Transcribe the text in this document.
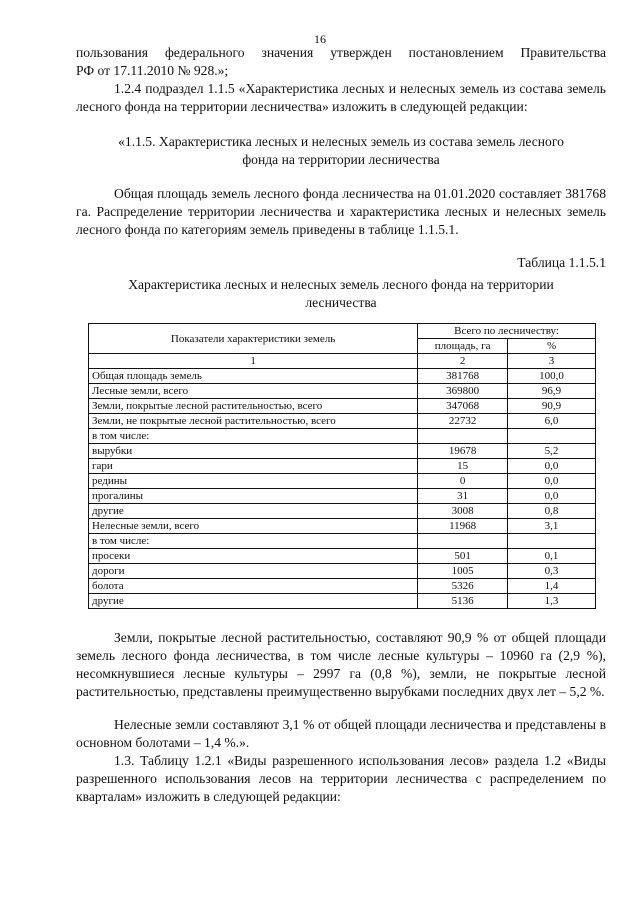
16

пользования федерального значения утвержден постановлением Правительства

РФ от 17.11.2010 № 928.»;

1.2.4 подраздел 1.1.5 «Характеристика лесных и нелесных земель из состава земель лесного фонда на территории лесничества» изложить в следующей редакции:

«1.1.5. Характеристика лесных и нелесных земель из состава земель лесного

фонда на территории лесничества

Общая площадь земель лесного фонда лесничества на 01.01.2020 составляет 381768 га. Распределение территории лесничества и характеристика лесных и нелесных земель лесного фонда по категориям земель приведены в таблице 1.1.5.1.

Таблица 1.1.5.1

Характеристика лесных и нелесных земель лесного фонда на территории

лесничества

Показатели характеристики земель	Всего по лесничеству:	
	площадь, га	%
1	2	3
Общая площадь земель	381768	100,0
Лесные земли, всего	369800	96,9
Земли, покрытые лесной растительностью, всего	347068	90,9
Земли, не покрытые лесной растительностью, всего	22732	6,0
в том числе:		
вырубки	19678	5,2
гари	15	0,0
редины	0	0,0
прогалины	31	0,0
другие	3008	0,8
Нелесные земли, всего	11968	3,1
в том числе:		
просеки	501	0,1
дороги	1005	0,3
болота	5326	1,4
другие	5136	1,3

Земли, покрытые лесной растительностью, составляют 90,9 % от общей площади земель лесного фонда лесничества, в том числе лесные культуры – 10960 га (2,9 %), несомкнувшиеся лесные культуры – 2997 га (0,8 %), земли, не покрытые лесной растительностью, представлены преимущественно вырубками последних двух лет – 5,2 %.

Нелесные земли составляют 3,1 % от общей площади лесничества и представлены в основном болотами – 1,4 %.».

1.3. Таблицу 1.2.1 «Виды разрешенного использования лесов» раздела 1.2 «Виды разрешенного использования лесов на территории лесничества с распределением по кварталам» изложить в следующей редакции:
